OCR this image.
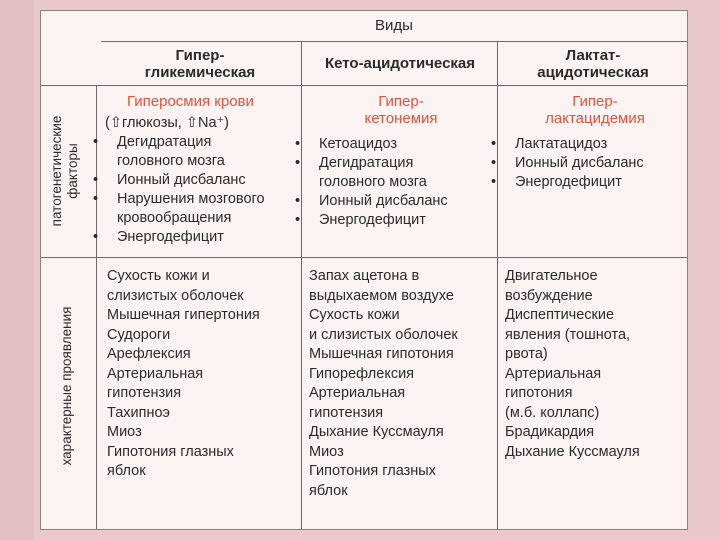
Виды
Гипер-
гликемическая
Кето-ацидотическая	Лактат-
ацидотическая
патогенетические факторы
характерные проявления
Гиперосмия крови
(⇧глюкозы, ⇧Na⁺)
• Дегидратация
головного мозга
• Ионный дисбаланс
• Нарушения мозгового
кровообращения
• Энергодефицит
Гипер-
кетонемия
• Кетоацидоз
• Дегидратация
головного мозга
• Ионный дисбаланс
• Энергодефицит
Гипер-
лактацидемия
• Лактатацидоз
• Ионный дисбаланс
• Энергодефицит
Сухость кожи и
слизистых оболочек
Мышечная гипертония
Судороги
Арефлексия
Артериальная
гипотензия
Тахипноэ
Миоз
Гипотония глазных
яблок
Запах ацетона в
выдыхаемом воздухе
Сухость кожи
и слизистых оболочек
Мышечная гипотония
Гипорефлексия
Артериальная
гипотензия
Дыхание Куссмауля
Миоз
Гипотония глазных
яблок
Двигательное
возбуждение
Диспептические
явления (тошнота,
рвота)
Артериальная
гипотония
(м.б. коллапс)
Брадикардия
Дыхание Куссмауля
